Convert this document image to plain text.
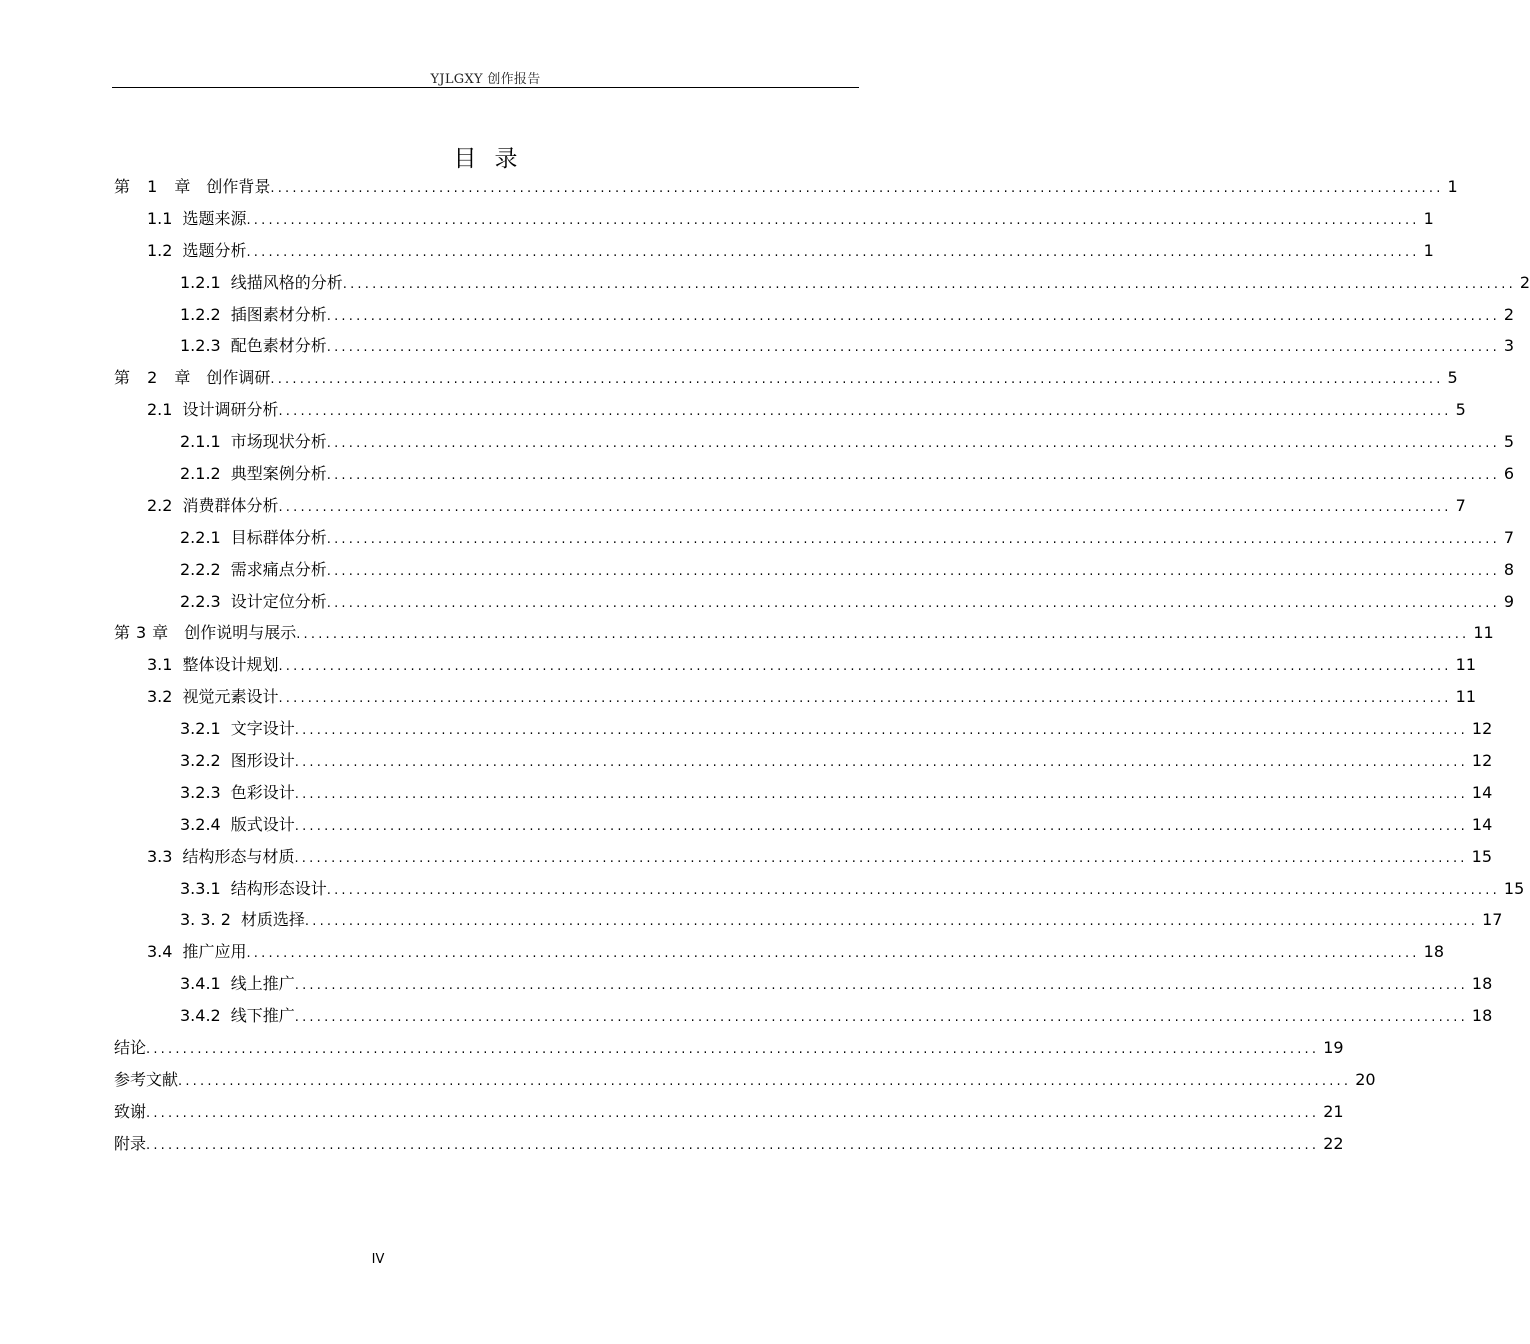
YJLGXY 创作报告
目录
第 1 章 创作背景 ................................................................................................................................................................ 1
1.1 选题来源 ................................................................................................................................................................ 1
1.2 选题分析 ................................................................................................................................................................ 1
1.2.1 线描风格的分析 ................................................................................................................................................................ 2
1.2.2 插图素材分析 ................................................................................................................................................................ 2
1.2.3 配色素材分析 ................................................................................................................................................................ 3
第 2 章 创作调研 ................................................................................................................................................................ 5
2.1 设计调研分析 ................................................................................................................................................................ 5
2.1.1 市场现状分析 ................................................................................................................................................................ 5
2.1.2 典型案例分析 ................................................................................................................................................................ 6
2.2 消费群体分析 ................................................................................................................................................................ 7
2.2.1 目标群体分析 ................................................................................................................................................................ 7
2.2.2 需求痛点分析 ................................................................................................................................................................ 8
2.2.3 设计定位分析 ................................................................................................................................................................ 9
第3章 创作说明与展示 ................................................................................................................................................................ 11
3.1 整体设计规划 ................................................................................................................................................................ 11
3.2 视觉元素设计 ................................................................................................................................................................ 11
3.2.1 文字设计 ................................................................................................................................................................ 12
3.2.2 图形设计 ................................................................................................................................................................ 12
3.2.3 色彩设计 ................................................................................................................................................................ 14
3.2.4 版式设计 ................................................................................................................................................................ 14
3.3 结构形态与材质 ................................................................................................................................................................ 15
3.3.1 结构形态设计 ................................................................................................................................................................ 15
3. 3. 2 材质选择 ................................................................................................................................................................ 17
3.4 推广应用 ................................................................................................................................................................ 18
3.4.1 线上推广 ................................................................................................................................................................ 18
3.4.2 线下推广 ................................................................................................................................................................ 18
结论 ................................................................................................................................................................ 19
参考文献 ................................................................................................................................................................ 20
致谢 ................................................................................................................................................................ 21
附录 ................................................................................................................................................................ 22
IV
